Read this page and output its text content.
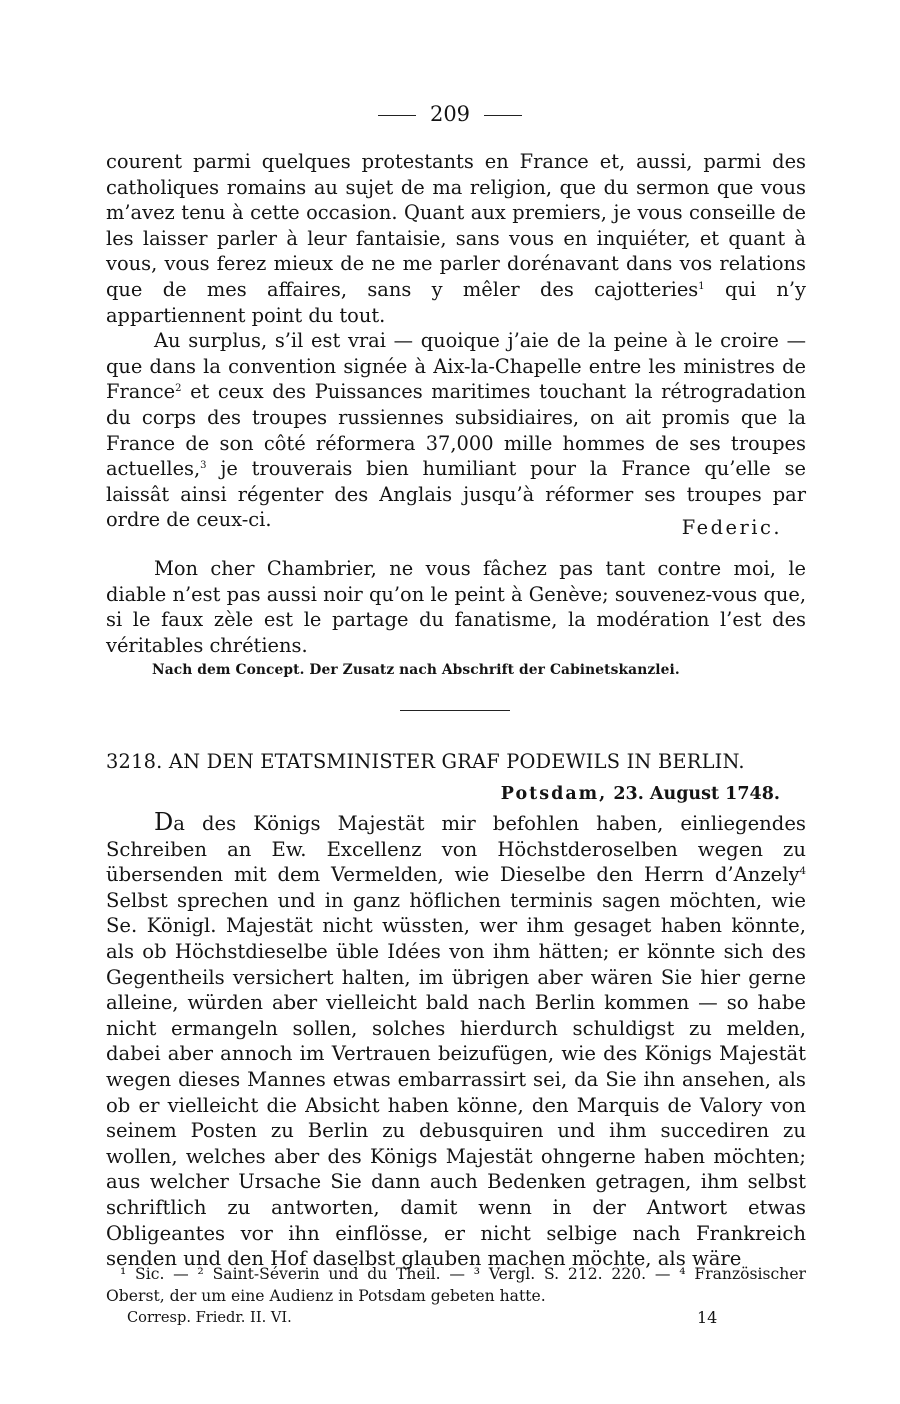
209

courent parmi quelques protestants en France et, aussi, parmi des catholiques romains au sujet de ma religion, que du sermon que vous m’avez tenu à cette occasion. Quant aux premiers, je vous conseille de les laisser parler à leur fantaisie, sans vous en inquiéter, et quant à vous, vous ferez mieux de ne me parler dorénavant dans vos relations que de mes affaires, sans y mêler des cajotteries$^1$ qui n’y appartiennent point du tout.

Au surplus, s’il est vrai — quoique j’aie de la peine à le croire — que dans la convention signée à Aix-la-Chapelle entre les ministres de France$^2$ et ceux des Puissances maritimes touchant la rétrogradation du corps des troupes russiennes subsidiaires, on ait promis que la France de son côté réformera 37,000 mille hommes de ses troupes actuelles,$^3$ je trouverais bien humiliant pour la France qu’elle se laissât ainsi régenter des Anglais jusqu’à réformer ses troupes par ordre de ceux-ci.	Federic.

Mon cher Chambrier, ne vous fâchez pas tant contre moi, le diable n’est pas aussi noir qu’on le peint à Genève; souvenez-vous que, si le faux zèle est le partage du fanatisme, la modération l’est des véritables chrétiens.

Nach dem Concept. Der Zusatz nach Abschrift der Cabinetskanzlei.
3218. AN DEN ETATSMINISTER GRAF PODEWILS IN BERLIN.
Potsdam, 23. August 1748.

Da des Königs Majestät mir befohlen haben, einliegendes Schreiben an Ew. Excellenz von Höchstderoselben wegen zu übersenden mit dem Vermelden, wie Dieselbe den Herrn d’Anzely$^4$ Selbst sprechen und in ganz höflichen terminis sagen möchten, wie Se. Königl. Majestät nicht wüssten, wer ihm gesaget haben könnte, als ob Höchstdieselbe üble Idées von ihm hätten; er könnte sich des Gegentheils versichert halten, im übrigen aber wären Sie hier gerne alleine, würden aber vielleicht bald nach Berlin kommen — so habe nicht ermangeln sollen, solches hierdurch schuldigst zu melden, dabei aber annoch im Vertrauen beizufügen, wie des Königs Majestät wegen dieses Mannes etwas embarrassirt sei, da Sie ihn ansehen, als ob er vielleicht die Absicht haben könne, den Marquis de Valory von seinem Posten zu Berlin zu debusquiren und ihm succediren zu wollen, welches aber des Königs Majestät ohngerne haben möchten; aus welcher Ursache Sie dann auch Bedenken getragen, ihm selbst schriftlich zu antworten, damit wenn in der Antwort etwas Obligeantes vor ihn einflösse, er nicht selbige nach Frankreich senden und den Hof daselbst glauben machen möchte, als wäre

¹ Sic. — ² Saint-Séverin und du Theil. — ³ Vergl. S. 212. 220. — ⁴ Französischer Oberst, der um eine Audienz in Potsdam gebeten hatte.

Corresp. Friedr. II. VI.	14
